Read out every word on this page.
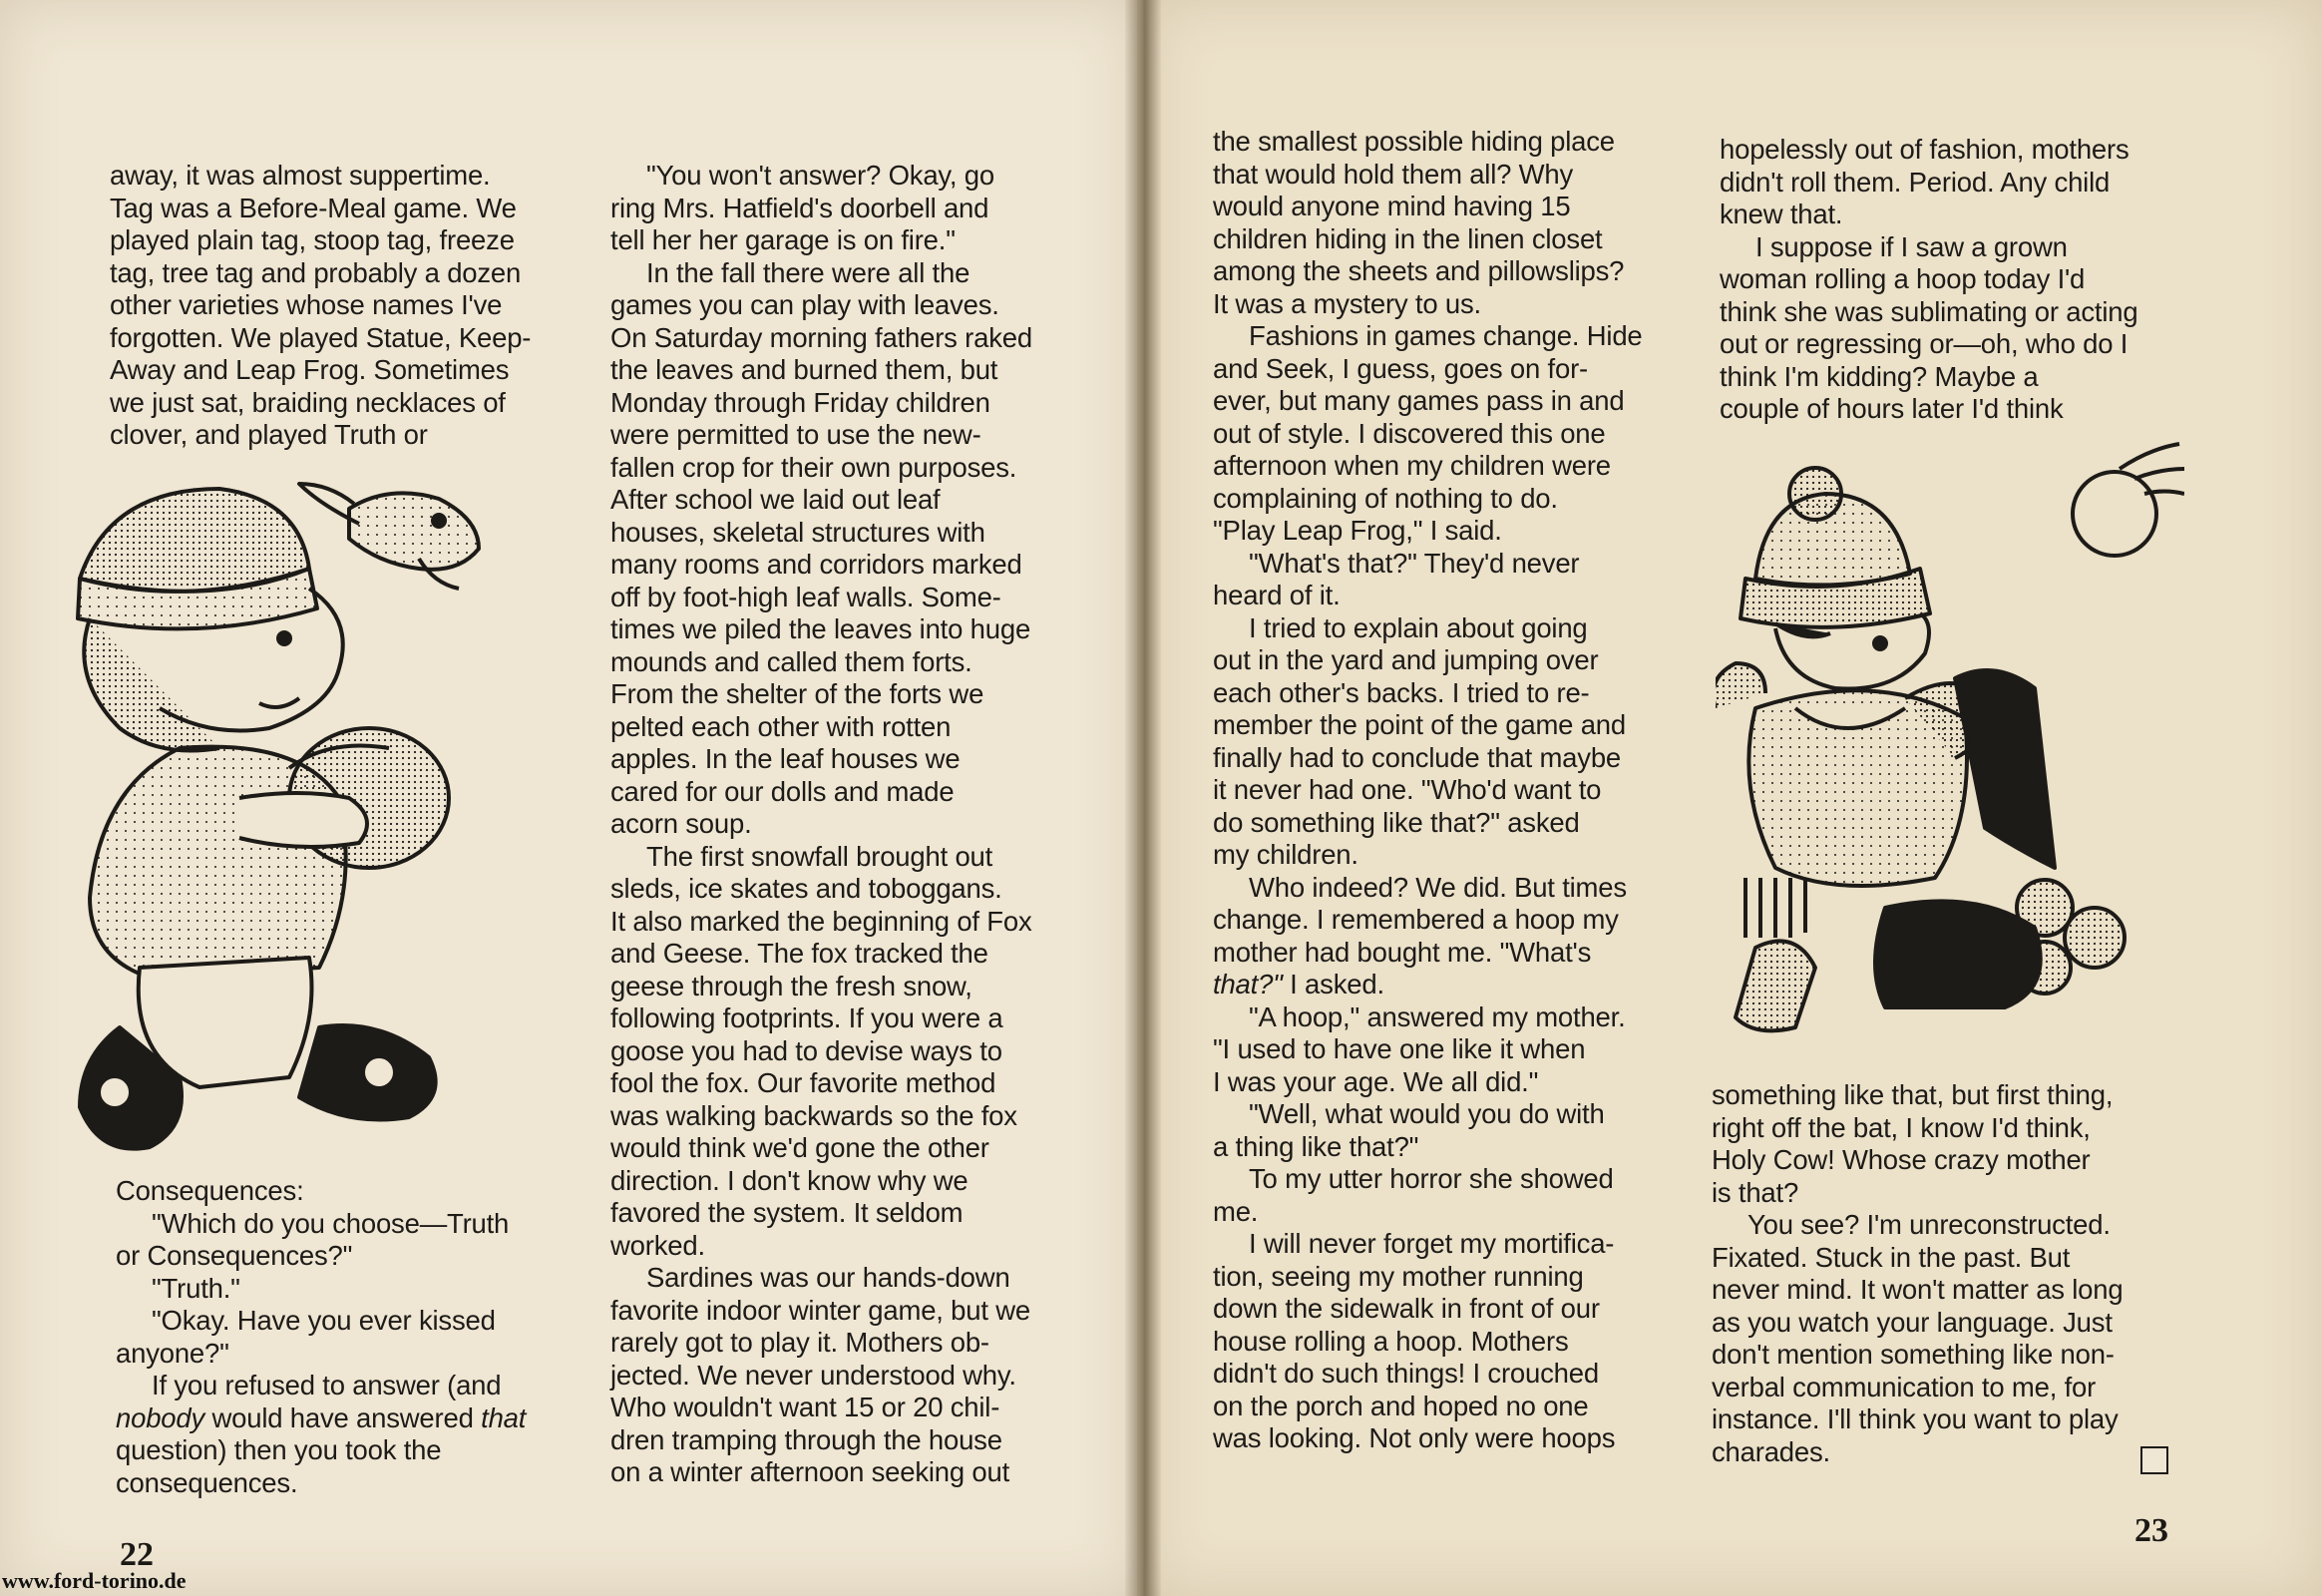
away, it was almost suppertime.

Tag was a Before-Meal game. We

played plain tag, stoop tag, freeze

tag, tree tag and probably a dozen

other varieties whose names I've

forgotten. We played Statue, Keep-

Away and Leap Frog. Sometimes

we just sat, braiding necklaces of

clover, and played Truth or

Consequences:

"Which do you choose—Truth

or Consequences?"

"Truth."

"Okay. Have you ever kissed

anyone?"

If you refused to answer (and

nobody would have answered that

question) then you took the

consequences.

"You won't answer? Okay, go

ring Mrs. Hatfield's doorbell and

tell her her garage is on fire."

In the fall there were all the

games you can play with leaves.

On Saturday morning fathers raked

the leaves and burned them, but

Monday through Friday children

were permitted to use the new-

fallen crop for their own purposes.

After school we laid out leaf

houses, skeletal structures with

many rooms and corridors marked

off by foot-high leaf walls. Some-

times we piled the leaves into huge

mounds and called them forts.

From the shelter of the forts we

pelted each other with rotten

apples. In the leaf houses we

cared for our dolls and made

acorn soup.

The first snowfall brought out

sleds, ice skates and toboggans.

It also marked the beginning of Fox

and Geese. The fox tracked the

geese through the fresh snow,

following footprints. If you were a

goose you had to devise ways to

fool the fox. Our favorite method

was walking backwards so the fox

would think we'd gone the other

direction. I don't know why we

favored the system. It seldom

worked.

Sardines was our hands-down

favorite indoor winter game, but we

rarely got to play it. Mothers ob-

jected. We never understood why.

Who wouldn't want 15 or 20 chil-

dren tramping through the house

on a winter afternoon seeking out

22
www.ford-torino.de

the smallest possible hiding place

that would hold them all? Why

would anyone mind having 15

children hiding in the linen closet

among the sheets and pillowslips?

It was a mystery to us.

Fashions in games change. Hide

and Seek, I guess, goes on for-

ever, but many games pass in and

out of style. I discovered this one

afternoon when my children were

complaining of nothing to do.

"Play Leap Frog," I said.

"What's that?" They'd never

heard of it.

I tried to explain about going

out in the yard and jumping over

each other's backs. I tried to re-

member the point of the game and

finally had to conclude that maybe

it never had one. "Who'd want to

do something like that?" asked

my children.

Who indeed? We did. But times

change. I remembered a hoop my

mother had bought me. "What's

that?" I asked.

"A hoop," answered my mother.

"I used to have one like it when

I was your age. We all did."

"Well, what would you do with

a thing like that?"

To my utter horror she showed

me.

I will never forget my mortifica-

tion, seeing my mother running

down the sidewalk in front of our

house rolling a hoop. Mothers

didn't do such things! I crouched

on the porch and hoped no one

was looking. Not only were hoops

hopelessly out of fashion, mothers

didn't roll them. Period. Any child

knew that.

I suppose if I saw a grown

woman rolling a hoop today I'd

think she was sublimating or acting

out or regressing or—oh, who do I

think I'm kidding? Maybe a

couple of hours later I'd think

something like that, but first thing,

right off the bat, I know I'd think,

Holy Cow! Whose crazy mother

is that?

You see? I'm unreconstructed.

Fixated. Stuck in the past. But

never mind. It won't matter as long

as you watch your language. Just

don't mention something like non-

verbal communication to me, for

instance. I'll think you want to play

charades.

23
